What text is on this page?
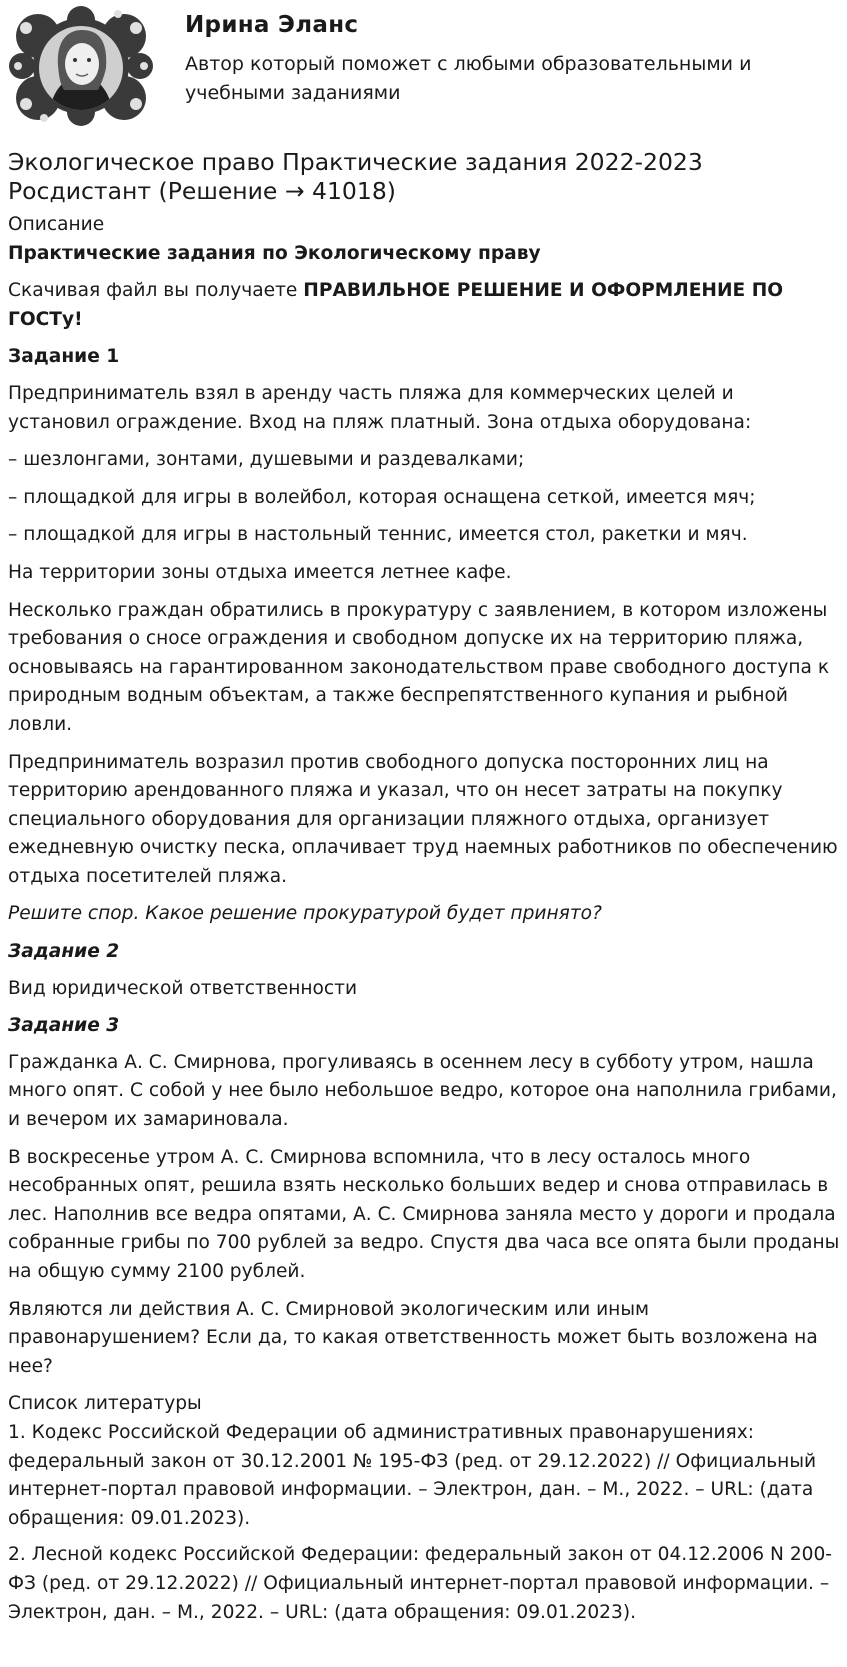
Ирина Эланс
Автор который поможет с любыми образовательными и учебными заданиями
Экологическое право Практические задания 2022-2023 Росдистант (Решение → 41018)
Описание

Практические задания по Экологическому праву

Скачивая файл вы получаете ПРАВИЛЬНОЕ РЕШЕНИЕ И ОФОРМЛЕНИЕ ПО ГОСТу!

Задание 1

Предприниматель взял в аренду часть пляжа для коммерческих целей и установил ограждение. Вход на пляж платный. Зона отдыха оборудована:

– шезлонгами, зонтами, душевыми и раздевалками;

– площадкой для игры в волейбол, которая оснащена сеткой, имеется мяч;

– площадкой для игры в настольный теннис, имеется стол, ракетки и мяч.

На территории зоны отдыха имеется летнее кафе.

Несколько граждан обратились в прокуратуру с заявлением, в котором изложены требования о сносе ограждения и свободном допуске их на территорию пляжа, основываясь на гарантированном законодательством праве свободного доступа к природным водным объектам, а также беспрепятственного купания и рыбной ловли.

Предприниматель возразил против свободного допуска посторонних лиц на территорию арендованного пляжа и указал, что он несет затраты на покупку специального оборудования для организации пляжного отдыха, организует ежедневную очистку песка, оплачивает труд наемных работников по обеспечению отдыха посетителей пляжа.

Решите спор. Какое решение прокуратурой будет принято?

Задание 2

Вид юридической ответственности

Задание 3

Гражданка А. С. Смирнова, прогуливаясь в осеннем лесу в субботу утром, нашла много опят. С собой у нее было небольшое ведро, которое она наполнила грибами, и вечером их замариновала.

В воскресенье утром А. С. Смирнова вспомнила, что в лесу осталось много несобранных опят, решила взять несколько больших ведер и снова отправилась в лес. Наполнив все ведра опятами, А. С. Смирнова заняла место у дороги и продала собранные грибы по 700 рублей за ведро. Спустя два часа все опята были проданы на общую сумму 2100 рублей.

Являются ли действия А. С. Смирновой экологическим или иным правонарушением? Если да, то какая ответственность может быть возложена на нее?

Список литературы

1. Кодекс Российской Федерации об административных правонарушениях: федеральный закон от 30.12.2001 № 195-ФЗ (ред. от 29.12.2022) // Официальный интернет-портал правовой информации. – Электрон, дан. – М., 2022. – URL: (дата обращения: 09.01.2023).

2. Лесной кодекс Российской Федерации: федеральный закон от 04.12.2006 N 200-ФЗ (ред. от 29.12.2022) // Официальный интернет-портал правовой информации. – Электрон, дан. – М., 2022. – URL: (дата обращения: 09.01.2023).
